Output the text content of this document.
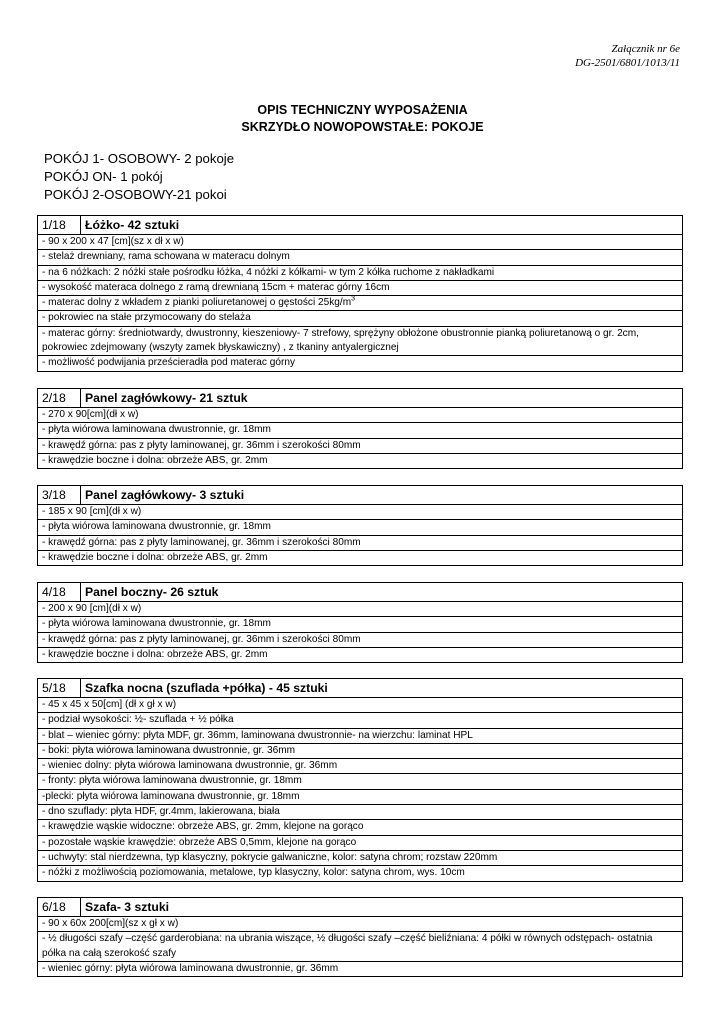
Załącznik nr 6e
DG-2501/6801/1013/11
OPIS TECHNICZNY WYPOSAŻENIA
SKRZYDŁO NOWOPOWSTAŁE: POKOJE
POKÓJ 1- OSOBOWY- 2 pokoje
POKÓJ ON- 1 pokój
POKÓJ 2-OSOBOWY-21 pokoi
1/18	Łóżko- 42 sztuki
- 90 x 200 x 47 [cm](sz x dł x w)
- stelaż drewniany, rama schowana w materacu dolnym
- na 6 nóżkach: 2 nóżki stałe pośrodku łóżka, 4 nóżki z kółkami- w tym 2 kółka ruchome z nakładkami
- wysokość materaca dolnego z ramą drewnianą 15cm + materac górny 16cm
- materac dolny z wkładem z pianki poliuretanowej o gęstości $25kg/m^3$
- pokrowiec na stałe przymocowany do stelaża
- materac górny: średniotwardy, dwustronny, kieszeniowy- 7 strefowy, sprężyny obłożone obustronnie pianką poliuretanową o gr. 2cm, pokrowiec zdejmowany (wszyty zamek błyskawiczny) , z tkaniny antyalergicznej
- możliwość podwijania prześcieradła pod materac górny
2/18	Panel zagłówkowy- 21 sztuk
- 270 x 90[cm](dł x w)
- płyta wiórowa laminowana dwustronnie, gr. 18mm
- krawędź górna: pas z płyty laminowanej, gr. 36mm i szerokości 80mm
- krawędzie boczne i dolna: obrzeże ABS, gr. 2mm
3/18	Panel zagłówkowy- 3 sztuki
- 185 x 90 [cm](dł x w)
- płyta wiórowa laminowana dwustronnie, gr. 18mm
- krawędź górna: pas z płyty laminowanej, gr. 36mm i szerokości 80mm
- krawędzie boczne i dolna: obrzeże ABS, gr. 2mm
4/18	Panel boczny- 26 sztuk
- 200 x 90 [cm](dł x w)
- płyta wiórowa laminowana dwustronnie, gr. 18mm
- krawędź górna: pas z płyty laminowanej, gr. 36mm i szerokości 80mm
- krawędzie boczne i dolna: obrzeże ABS, gr. 2mm
5/18	Szafka nocna (szuflada +półka) - 45 sztuki
- 45 x 45 x 50[cm] (dł x gł x w)
- podział wysokości: ½- szuflada + ½ półka
- blat – wieniec górny: płyta MDF, gr. 36mm, laminowana dwustronnie- na wierzchu: laminat HPL
- boki: płyta wiórowa laminowana dwustronnie, gr. 36mm
- wieniec dolny: płyta wiórowa laminowana dwustronnie, gr. 36mm
- fronty: płyta wiórowa laminowana dwustronnie, gr. 18mm
-plecki: płyta wiórowa laminowana dwustronnie, gr. 18mm
- dno szuflady: płyta HDF, gr.4mm, lakierowana, biała
- krawędzie wąskie widoczne: obrzeże ABS, gr. 2mm, klejone na gorąco
- pozostałe wąskie krawędzie: obrzeże ABS 0,5mm, klejone na gorąco
- uchwyty: stal nierdzewna, typ klasyczny, pokrycie galwaniczne, kolor: satyna chrom; rozstaw 220mm
- nóżki z możliwością poziomowania, metalowe, typ klasyczny, kolor: satyna chrom, wys. 10cm
6/18	Szafa- 3 sztuki
- 90 x 60x 200[cm](sz x gł x w)
- ½ długości szafy –część garderobiana: na ubrania wiszące, ½ długości szafy –część bieliźniana: 4 półki w równych odstępach- ostatnia półka na całą szerokość szafy
- wieniec górny: płyta wiórowa laminowana dwustronnie, gr. 36mm
